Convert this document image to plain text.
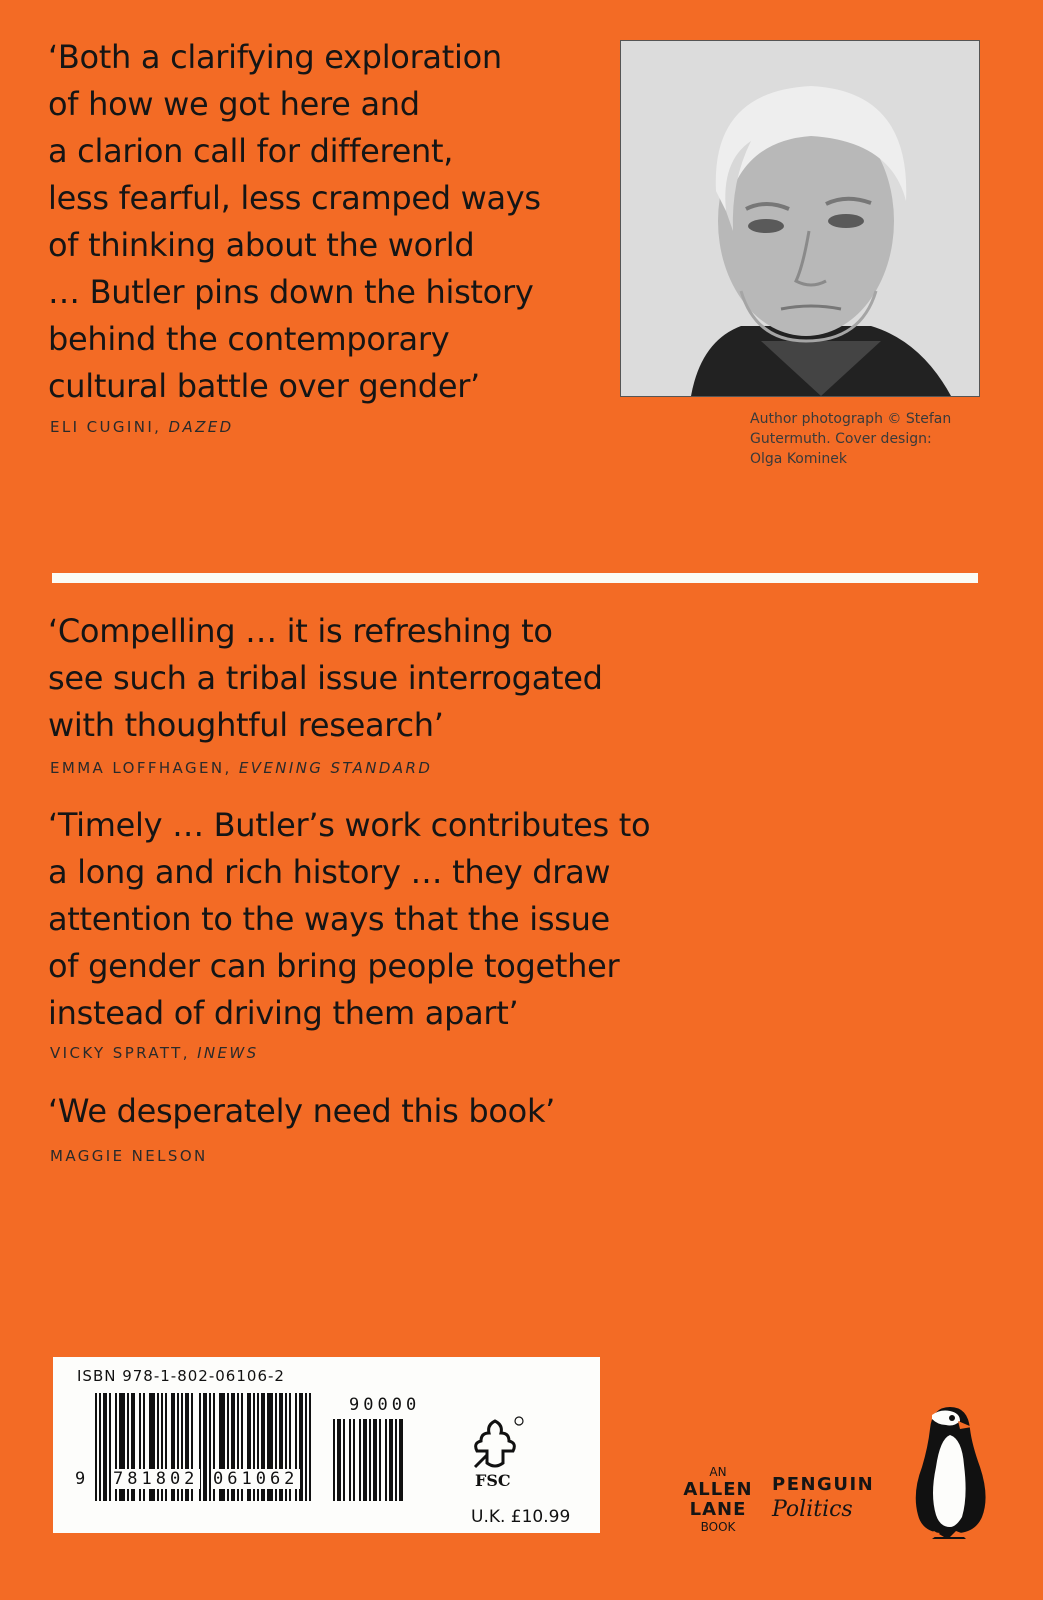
‘Both a clarifying exploration
of how we got here and
a clarion call for different,
less fearful, less cramped ways
of thinking about the world
… Butler pins down the history
behind the contemporary
cultural battle over gender’
ELI CUGINI, DAZED	Author photograph © Stefan
Gutermuth. Cover design:
Olga Kominek
‘Compelling … it is refreshing to
see such a tribal issue interrogated
with thoughtful research’
EMMA LOFFHAGEN, EVENING STANDARD
‘Timely … Butler’s work contributes to
a long and rich history … they draw
attention to the ways that the issue
of gender can bring people together
instead of driving them apart’
VICKY SPRATT, INEWS
‘We desperately need this book’
MAGGIE NELSON
ISBN 978-1-802-06106-2
9 781802 061062
90000
FSC
U.K. £10.99
AN
ALLEN
LANE
BOOK
PENGUIN
Politics
